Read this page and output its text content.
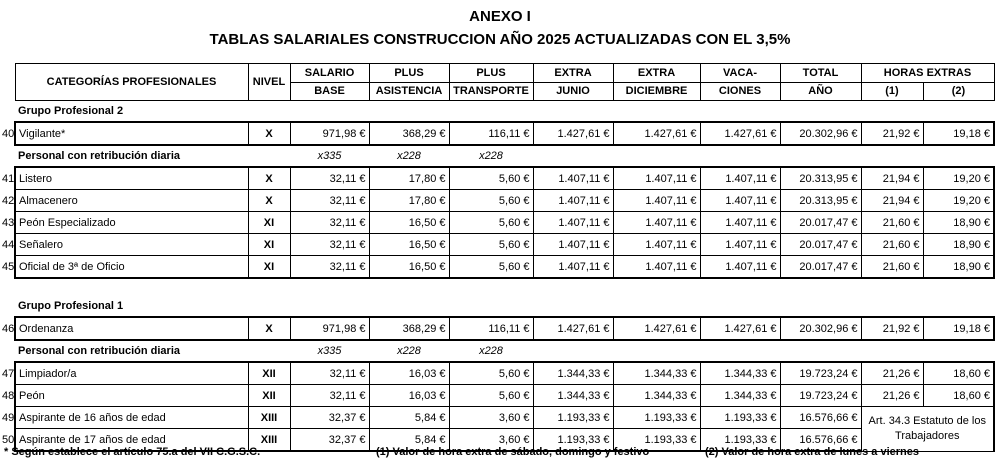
ANEXO I
TABLAS SALARIALES CONSTRUCCION AÑO 2025 ACTUALIZADAS CON EL 3,5%
CATEGORÍAS PROFESIONALES	NIVEL	SALARIO	PLUS	PLUS	EXTRA	EXTRA	VACA-	TOTAL	HORAS EXTRAS	
		BASE	ASISTENCIA	TRANSPORTE	JUNIO	DICIEMBRE	CIONES	AÑO	(1)	(2)
Grupo Profesional 2										

40 Vigilante*	X	971,98 €	368,29 €	116,11 €	1.427,61 €	1.427,61 €	1.427,61 €	20.302,96 €	21,92 €	19,18 €
Personal con retribución diaria		x335	x228	x228						

41 Listero	X	32,11 €	17,80 €	5,60 €	1.407,11 €	1.407,11 €	1.407,11 €	20.313,95 €	21,94 €	19,20 €

42 Almacenero	X	32,11 €	17,80 €	5,60 €	1.407,11 €	1.407,11 €	1.407,11 €	20.313,95 €	21,94 €	19,20 €

43 Peón Especializado	XI	32,11 €	16,50 €	5,60 €	1.407,11 €	1.407,11 €	1.407,11 €	20.017,47 €	21,60 €	18,90 €

44 Señalero	XI	32,11 €	16,50 €	5,60 €	1.407,11 €	1.407,11 €	1.407,11 €	20.017,47 €	21,60 €	18,90 €

45 Oficial de 3ª de Oficio	XI	32,11 €	16,50 €	5,60 €	1.407,11 €	1.407,11 €	1.407,11 €	20.017,47 €	21,60 €	18,90 €

Grupo Profesional 1										

46 Ordenanza	X	971,98 €	368,29 €	116,11 €	1.427,61 €	1.427,61 €	1.427,61 €	20.302,96 €	21,92 €	19,18 €
Personal con retribución diaria		x335	x228	x228						

47 Limpiador/a	XII	32,11 €	16,03 €	5,60 €	1.344,33 €	1.344,33 €	1.344,33 €	19.723,24 €	21,26 €	18,60 €

48 Peón	XII	32,11 €	16,03 €	5,60 €	1.344,33 €	1.344,33 €	1.344,33 €	19.723,24 €	21,26 €	18,60 €

49 Aspirante de 16 años de edad	XIII	32,37 €	5,84 €	3,60 €	1.193,33 €	1.193,33 €	1.193,33 €	16.576,66 €	Art. 34.3 Estatuto de los Trabajadores	

50 Aspirante de 17 años de edad	XIII	32,37 €	5,84 €	3,60 €	1.193,33 €	1.193,33 €	1.193,33 €	16.576,66 €		
* Según establece el artículo 75.a del VII C.G.S.C.	(1) Valor de hora extra de sábado, domingo y festivo	(2) Valor de hora extra de lunes a viernes
